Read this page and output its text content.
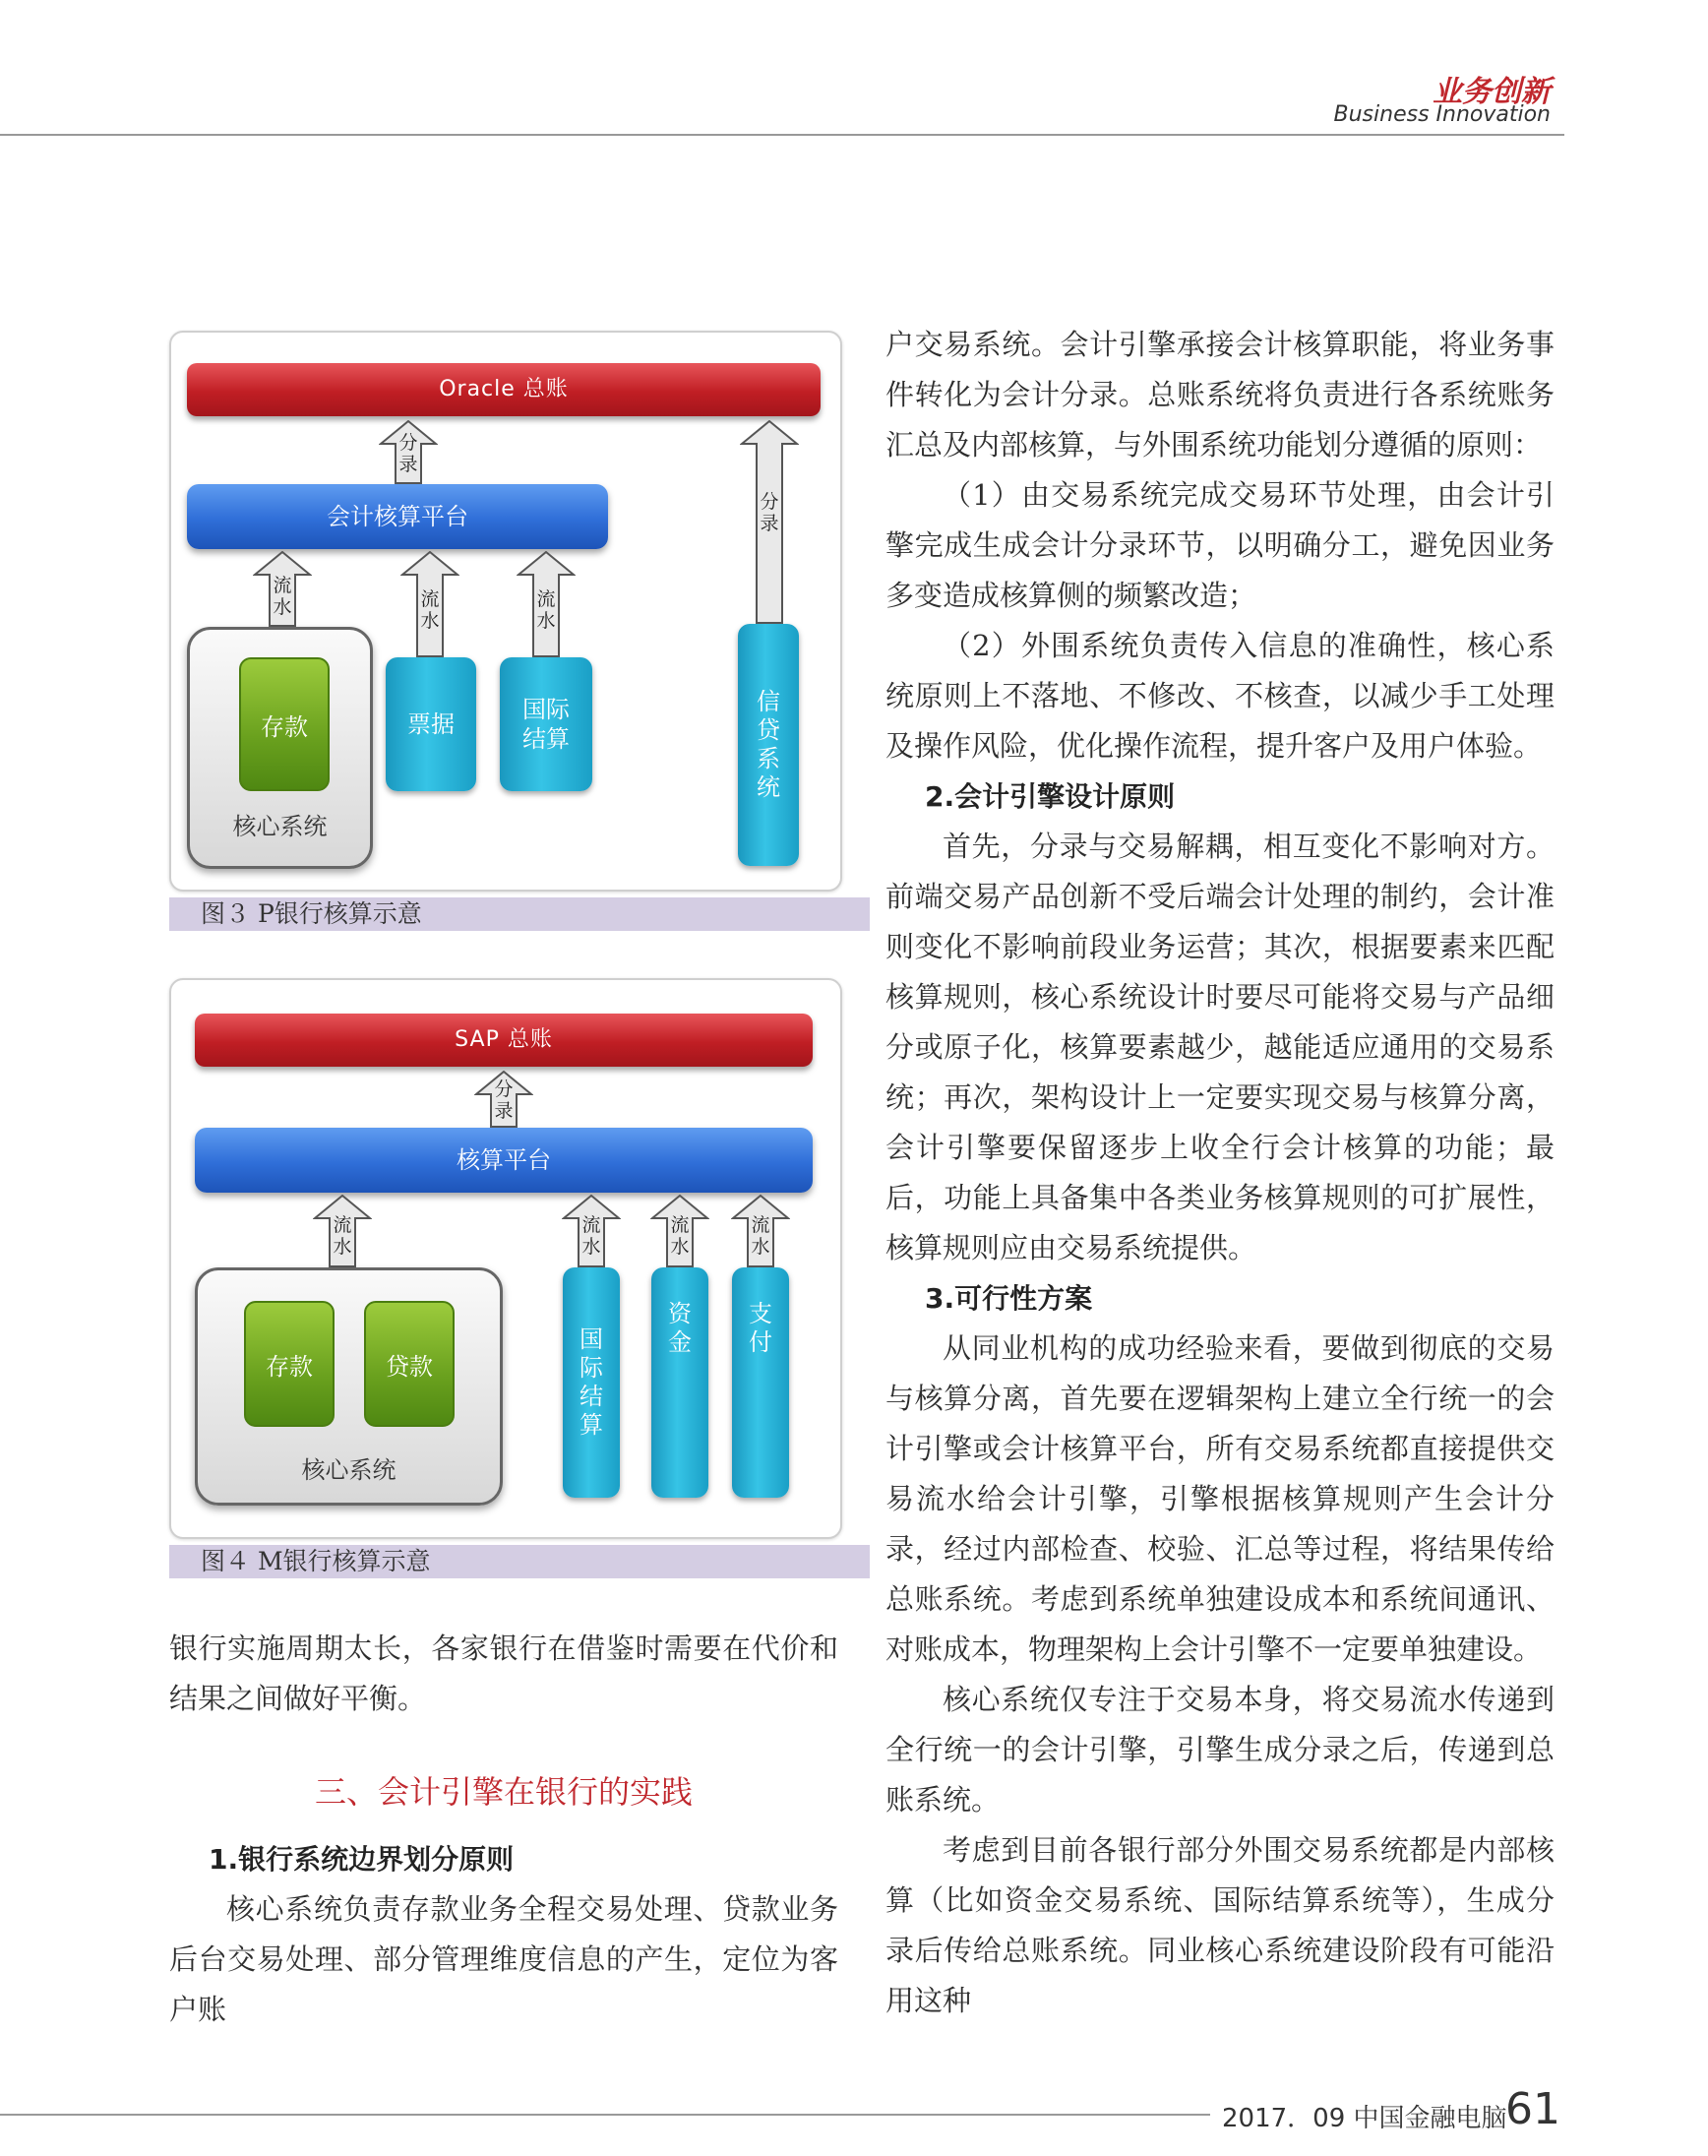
业务创新
Business Innovation
Oracle 总账
会计核算平台
存款
核心系统
票据
国际结算
信贷系统
分录
分录
流水	流水
流水
图３ P银行核算示意
SAP 总账
核算平台
存款	贷款
核心系统
国际结算
资金
支付
分录
流水
流水
流水
流水
图４ M银行核算示意

银行实施周期太长，各家银行在借鉴时需要在代价和结果之间做好平衡。

三、会计引擎在银行的实践

1.银行系统边界划分原则

核心系统负责存款业务全程交易处理、贷款业务后台交易处理、部分管理维度信息的产生，定位为客户账

户交易系统。会计引擎承接会计核算职能，将业务事件转化为会计分录。总账系统将负责进行各系统账务汇总及内部核算，与外围系统功能划分遵循的原则：

（1）由交易系统完成交易环节处理，由会计引擎完成生成会计分录环节，以明确分工，避免因业务多变造成核算侧的频繁改造；

（2）外围系统负责传入信息的准确性，核心系统原则上不落地、不修改、不核查，以减少手工处理及操作风险，优化操作流程，提升客户及用户体验。

2.会计引擎设计原则

首先，分录与交易解耦，相互变化不影响对方。前端交易产品创新不受后端会计处理的制约，会计准则变化不影响前段业务运营；其次，根据要素来匹配核算规则，核心系统设计时要尽可能将交易与产品细分或原子化，核算要素越少，越能适应通用的交易系统；再次，架构设计上一定要实现交易与核算分离，会计引擎要保留逐步上收全行会计核算的功能；最后，功能上具备集中各类业务核算规则的可扩展性，核算规则应由交易系统提供。

3.可行性方案

从同业机构的成功经验来看，要做到彻底的交易与核算分离，首先要在逻辑架构上建立全行统一的会计引擎或会计核算平台，所有交易系统都直接提供交易流水给会计引擎，引擎根据核算规则产生会计分录，经过内部检查、校验、汇总等过程，将结果传给总账系统。考虑到系统单独建设成本和系统间通讯、对账成本，物理架构上会计引擎不一定要单独建设。

核心系统仅专注于交易本身，将交易流水传递到全行统一的会计引擎，引擎生成分录之后，传递到总账系统。

考虑到目前各银行部分外围交易系统都是内部核算（比如资金交易系统、国际结算系统等），生成分录后传给总账系统。同业核心系统建设阶段有可能沿用这种

2017．09 中国金融电脑
61
